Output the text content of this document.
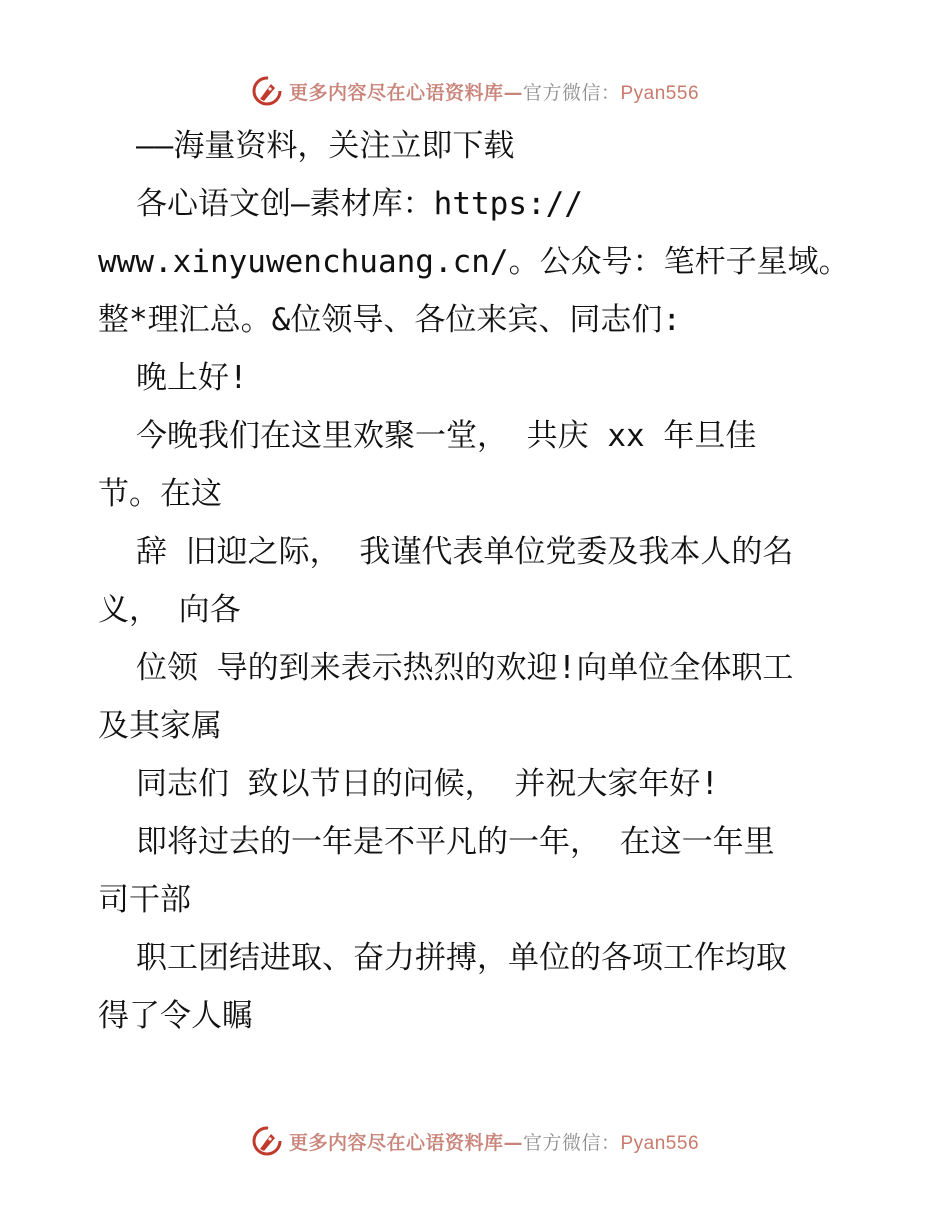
更多内容尽在心语资料库—官方微信：Pyan556
——海量资料，关注立即下载
各心语文创—素材库：https://
www.xinyuwenchuang.cn/。公众号：笔杆子星域。
整*理汇总。&位领导、各位来宾、同志们:
晚上好!
今晚我们在这里欢聚一堂， 共庆 xx 年旦佳
节。在这
辞 旧迎之际， 我谨代表单位党委及我本人的名
义， 向各
位领 导的到来表示热烈的欢迎!向单位全体职工
及其家属
同志们 致以节日的问候， 并祝大家年好!
即将过去的一年是不平凡的一年， 在这一年里
司干部
职工团结进取、奋力拼搏，单位的各项工作均取
得了令人瞩
更多内容尽在心语资料库—官方微信：Pyan556
